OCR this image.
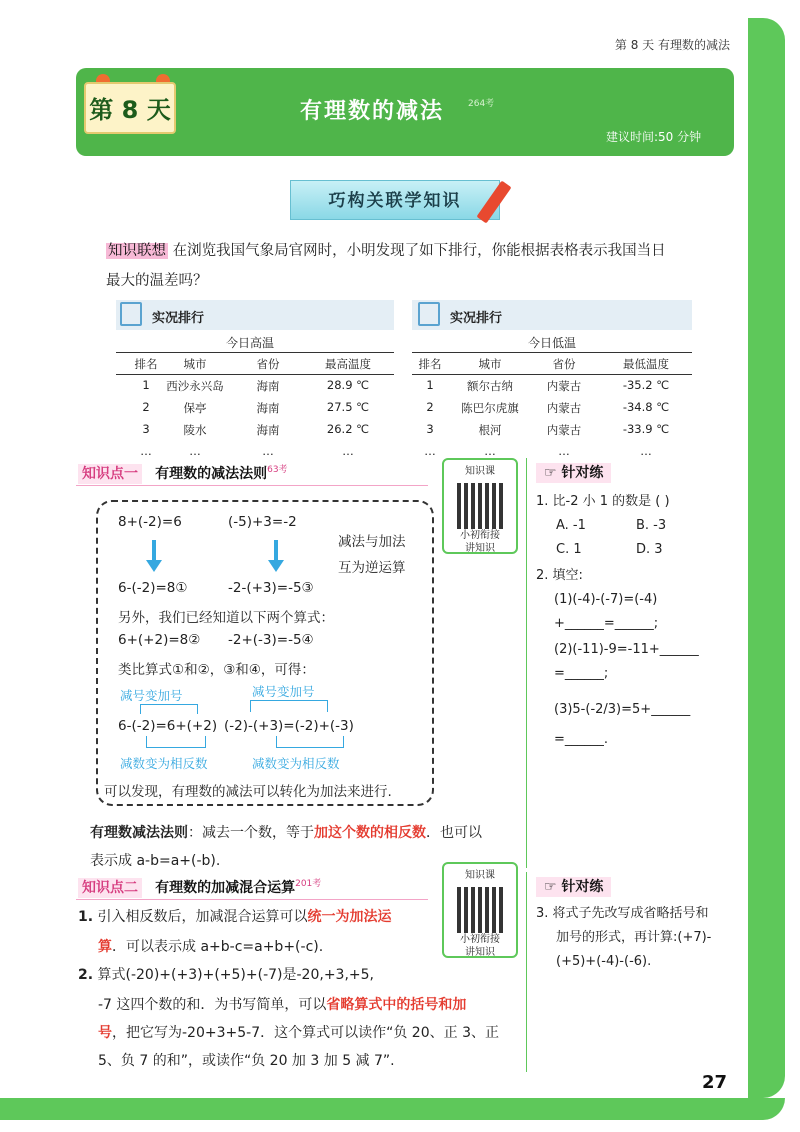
第 8 天 有理数的减法
第 8 天	有理数的减法	264考
建议时间:50 分钟
巧构关联学知识
知识联想 在浏览我国气象局官网时，小明发现了如下排行，你能根据表格表示我国当日
最大的温差吗？
实况排行
今日高温
实况排行
今日低温
排名	城市	省份	最高温度
1	西沙永兴岛	海南	28.9 ℃
2	保亭	海南	27.5 ℃
3	陵水	海南	26.2 ℃
…	…	…	…
排名	城市	省份	最低温度
1	额尔古纳	内蒙古	-35.2 ℃
2	陈巴尔虎旗	内蒙古	-34.8 ℃
3	根河	内蒙古	-33.9 ℃
…	…	…	…
知识点一 有理数的减法法则$^{63考}$	知识课
小初衔接
讲知识
8+(-2)=6	(-5)+3=-2
减法与加法
互为逆运算
6-(-2)=8①	-2-(+3)=-5③
另外，我们已经知道以下两个算式：
6+(+2)=8② -2+(-3)=-5④
类比算式①和②，③和④，可得：
减号变加号	减号变加号
6-(-2)=6+(+2) (-2)-(+3)=(-2)+(-3)
减数变为相反数	减数变为相反数
可以发现，有理数的减法可以转化为加法来进行.
有理数减法法则：减去一个数，等于加这个数的相反数．也可以
表示成 a-b=a+(-b).
知识点二 有理数的加减混合运算$^{201考}$
知识课
小初衔接
讲知识
1. 引入相反数后，加减混合运算可以统一为加法运
算．可以表示成 a+b-c=a+b+(-c).
2. 算式(-20)+(+3)+(+5)+(-7)是-20,+3,+5,
-7 这四个数的和．为书写简单，可以省略算式中的括号和加
号，把它写为-20+3+5-7．这个算式可以读作“负 20、正 3、正
5、负 7 的和”，或读作“负 20 加 3 加 5 减 7”.
☞ 针对练
1. 比-2 小 1 的数是 ( )
A. -1	B. -3
C. 1	D. 3
2. 填空:
(1)(-4)-(-7)=(-4)
+______=______;
(2)(-11)-9=-11+______
=______;
(3)5-(-2/3)=5+______
=______.
☞ 针对练
3. 将式子先改写成省略括号和
加号的形式，再计算:(+7)-
(+5)+(-4)-(-6).
27
